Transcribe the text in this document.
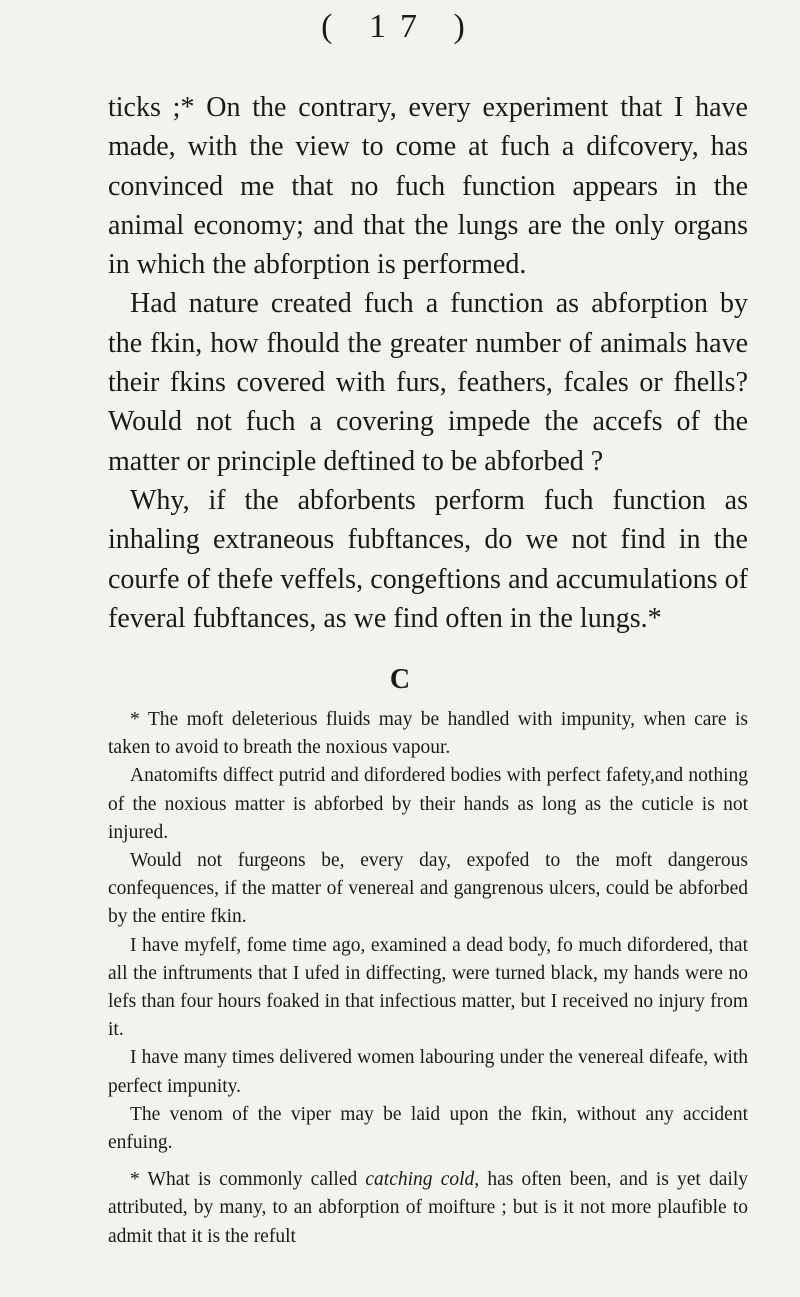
( 17 )

ticks ;* On the contrary, every experiment that I have made, with the view to come at fuch a difcovery, has convinced me that no fuch function appears in the animal economy; and that the lungs are the only organs in which the abforption is performed.

Had nature created fuch a function as abforption by the fkin, how fhould the greater number of animals have their fkins covered with furs, feathers, fcales or fhells? Would not fuch a covering impede the accefs of the matter or principle deftined to be abforbed ?

Why, if the abforbents perform fuch function as inhaling extraneous fubftances, do we not find in the courfe of thefe veffels, congeftions and accumulations of feveral fubftances, as we find often in the lungs.*

C

* The moft deleterious fluids may be handled with impunity, when care is taken to avoid to breath the noxious vapour.

Anatomifts diffect putrid and difordered bodies with perfect fafety,and nothing of the noxious matter is abforbed by their hands as long as the cuticle is not injured.

Would not furgeons be, every day, expofed to the moft dangerous confequences, if the matter of venereal and gangrenous ulcers, could be abforbed by the entire fkin.

I have myfelf, fome time ago, examined a dead body, fo much difordered, that all the inftruments that I ufed in diffecting, were turned black, my hands were no lefs than four hours foaked in that infectious matter, but I received no injury from it.

I have many times delivered women labouring under the venereal difeafe, with perfect impunity.

The venom of the viper may be laid upon the fkin, without any accident enfuing.

* What is commonly called catching cold, has often been, and is yet daily attributed, by many, to an abforption of moifture ; but is it not more plaufible to admit that it is the refult
